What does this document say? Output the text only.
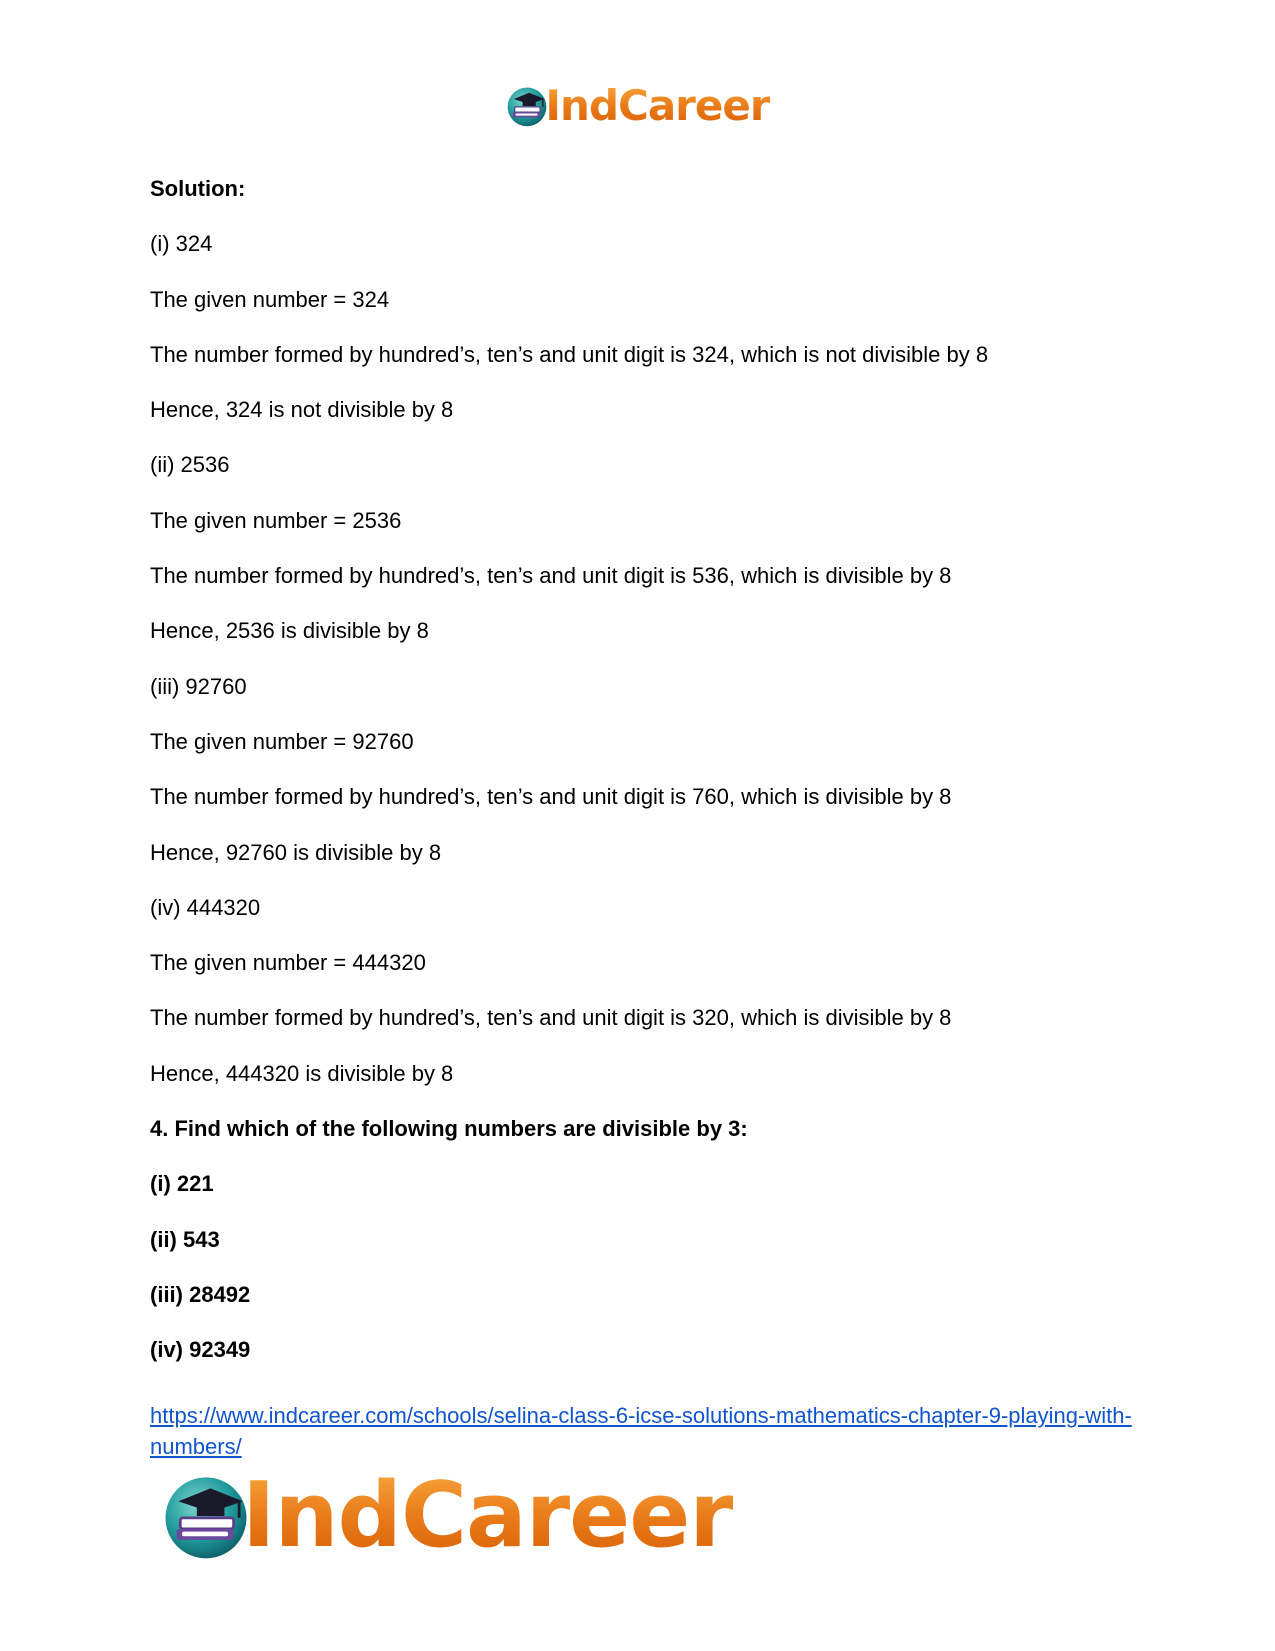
IndCareer
Solution:
(i) 324
The given number = 324
The number formed by hundred’s, ten’s and unit digit is 324, which is not divisible by 8
Hence, 324 is not divisible by 8
(ii) 2536
The given number = 2536
The number formed by hundred’s, ten’s and unit digit is 536, which is divisible by 8
Hence, 2536 is divisible by 8
(iii) 92760
The given number = 92760
The number formed by hundred’s, ten’s and unit digit is 760, which is divisible by 8
Hence, 92760 is divisible by 8
(iv) 444320
The given number = 444320
The number formed by hundred’s, ten’s and unit digit is 320, which is divisible by 8
Hence, 444320 is divisible by 8
4. Find which of the following numbers are divisible by 3:
(i) 221
(ii) 543
(iii) 28492
(iv) 92349
https://www.indcareer.com/schools/selina-class-6-icse-solutions-mathematics-chapter-9-playing-with-numbers/
IndCareer
